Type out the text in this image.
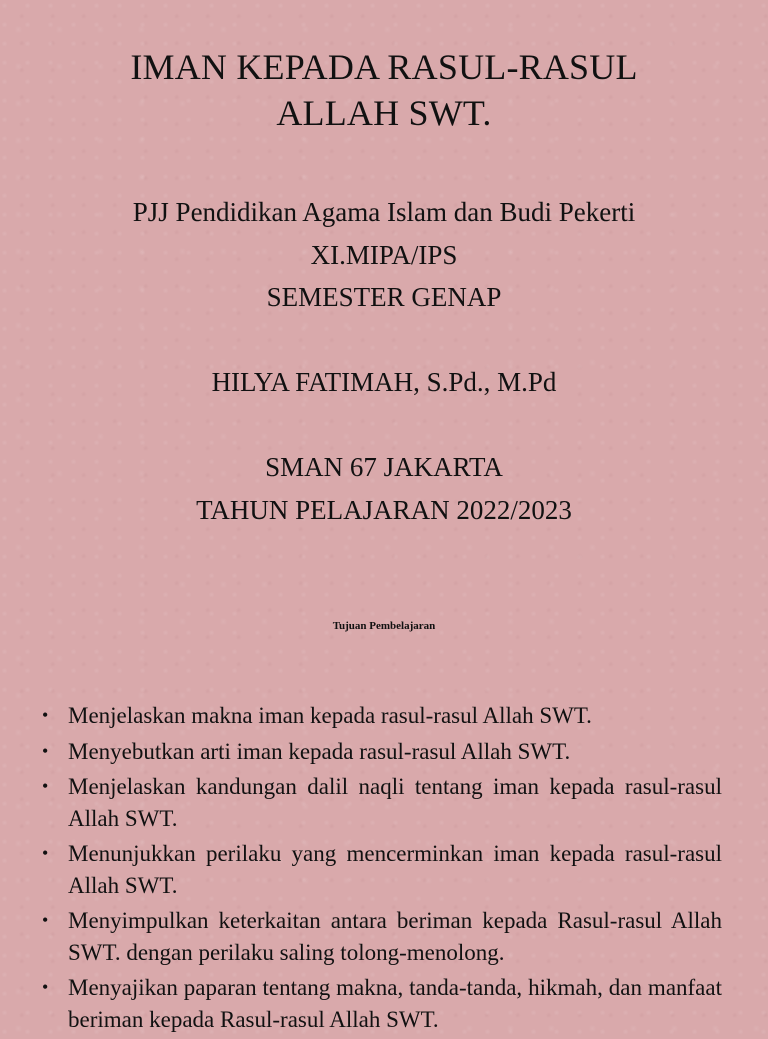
IMAN KEPADA RASUL-RASUL
ALLAH SWT.
PJJ Pendidikan Agama Islam dan Budi Pekerti
XI.MIPA/IPS
SEMESTER GENAP
HILYA FATIMAH, S.Pd., M.Pd
SMAN 67 JAKARTA
TAHUN PELAJARAN 2022/2023
Tujuan Pembelajaran
• Menjelaskan makna iman kepada rasul-rasul Allah SWT.
• Menyebutkan arti iman kepada rasul-rasul Allah SWT.
• Menjelaskan kandungan dalil naqli tentang iman kepada rasul-rasul Allah SWT.
• Menunjukkan perilaku yang mencerminkan iman kepada rasul-rasul Allah SWT.
• Menyimpulkan keterkaitan antara beriman kepada Rasul-rasul Allah SWT. dengan perilaku saling tolong-menolong.
• Menyajikan paparan tentang makna, tanda-tanda, hikmah, dan manfaat beriman kepada Rasul-rasul Allah SWT.
